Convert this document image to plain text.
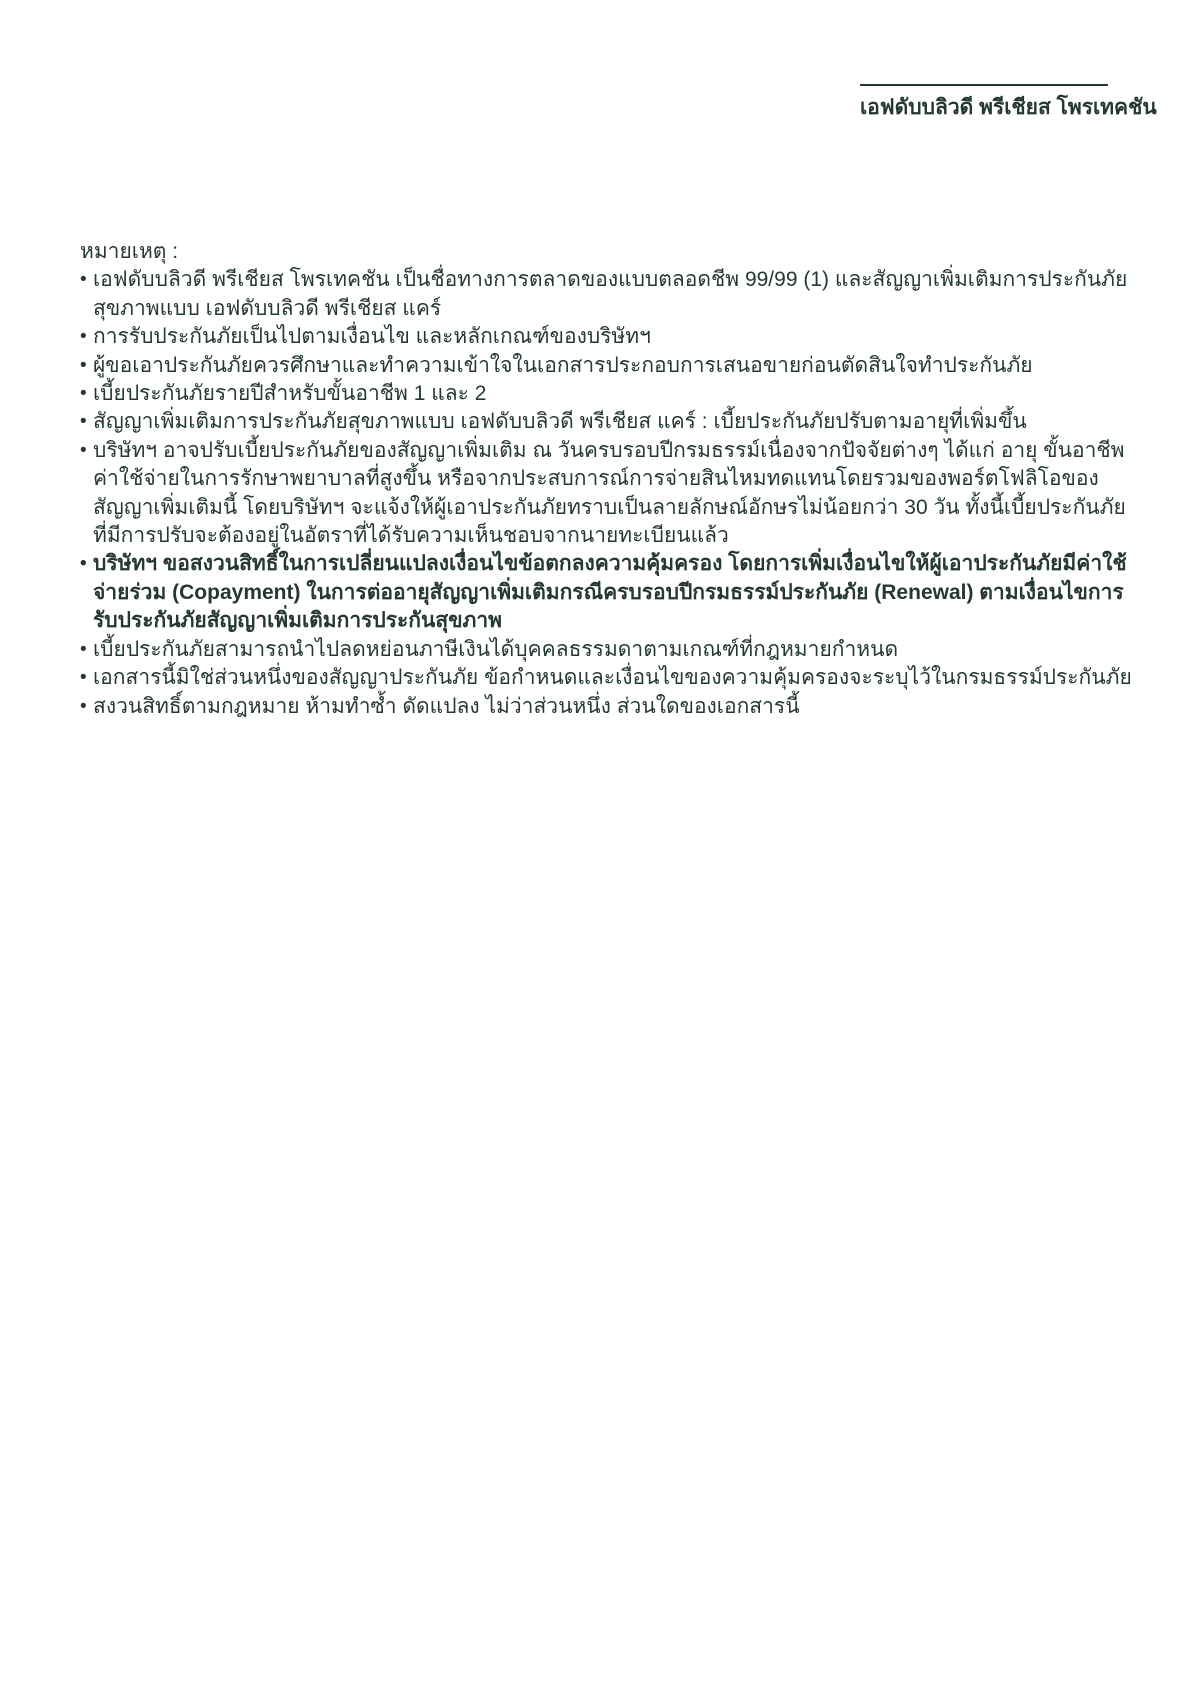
เอฟดับบลิวดี พรีเชียส โพรเทคชัน
หมายเหตุ :
• เอฟดับบลิวดี พรีเชียส โพรเทคชัน เป็นชื่อทางการตลาดของแบบตลอดชีพ 99/99 (1) และสัญญาเพิ่มเติมการประกันภัยสุขภาพแบบ เอฟดับบลิวดี พรีเชียส แคร์
• การรับประกันภัยเป็นไปตามเงื่อนไข และหลักเกณฑ์ของบริษัทฯ
• ผู้ขอเอาประกันภัยควรศึกษาและทำความเข้าใจในเอกสารประกอบการเสนอขายก่อนตัดสินใจทำประกันภัย
• เบี้ยประกันภัยรายปีสำหรับขั้นอาชีพ 1 และ 2
• สัญญาเพิ่มเติมการประกันภัยสุขภาพแบบ เอฟดับบลิวดี พรีเชียส แคร์ : เบี้ยประกันภัยปรับตามอายุที่เพิ่มขึ้น
• บริษัทฯ อาจปรับเบี้ยประกันภัยของสัญญาเพิ่มเติม ณ วันครบรอบปีกรมธรรม์เนื่องจากปัจจัยต่างๆ ได้แก่ อายุ ขั้นอาชีพ ค่าใช้จ่ายในการรักษาพยาบาลที่สูงขึ้น หรือจากประสบการณ์การจ่ายสินไหมทดแทนโดยรวมของพอร์ตโฟลิโอของสัญญาเพิ่มเติมนี้ โดยบริษัทฯ จะแจ้งให้ผู้เอาประกันภัยทราบเป็นลายลักษณ์อักษรไม่น้อยกว่า 30 วัน ทั้งนี้เบี้ยประกันภัยที่มีการปรับจะต้องอยู่ในอัตราที่ได้รับความเห็นชอบจากนายทะเบียนแล้ว
• บริษัทฯ ขอสงวนสิทธิ์ในการเปลี่ยนแปลงเงื่อนไขข้อตกลงความคุ้มครอง โดยการเพิ่มเงื่อนไขให้ผู้เอาประกันภัยมีค่าใช้จ่ายร่วม (Copayment) ในการต่ออายุสัญญาเพิ่มเติมกรณีครบรอบปีกรมธรรม์ประกันภัย (Renewal) ตามเงื่อนไขการรับประกันภัยสัญญาเพิ่มเติมการประกันสุขภาพ
• เบี้ยประกันภัยสามารถนำไปลดหย่อนภาษีเงินได้บุคคลธรรมดาตามเกณฑ์ที่กฎหมายกำหนด
• เอกสารนี้มิใช่ส่วนหนึ่งของสัญญาประกันภัย ข้อกำหนดและเงื่อนไขของความคุ้มครองจะระบุไว้ในกรมธรรม์ประกันภัย
• สงวนสิทธิ์ตามกฎหมาย ห้ามทำซ้ำ ดัดแปลง ไม่ว่าส่วนหนึ่ง ส่วนใดของเอกสารนี้
